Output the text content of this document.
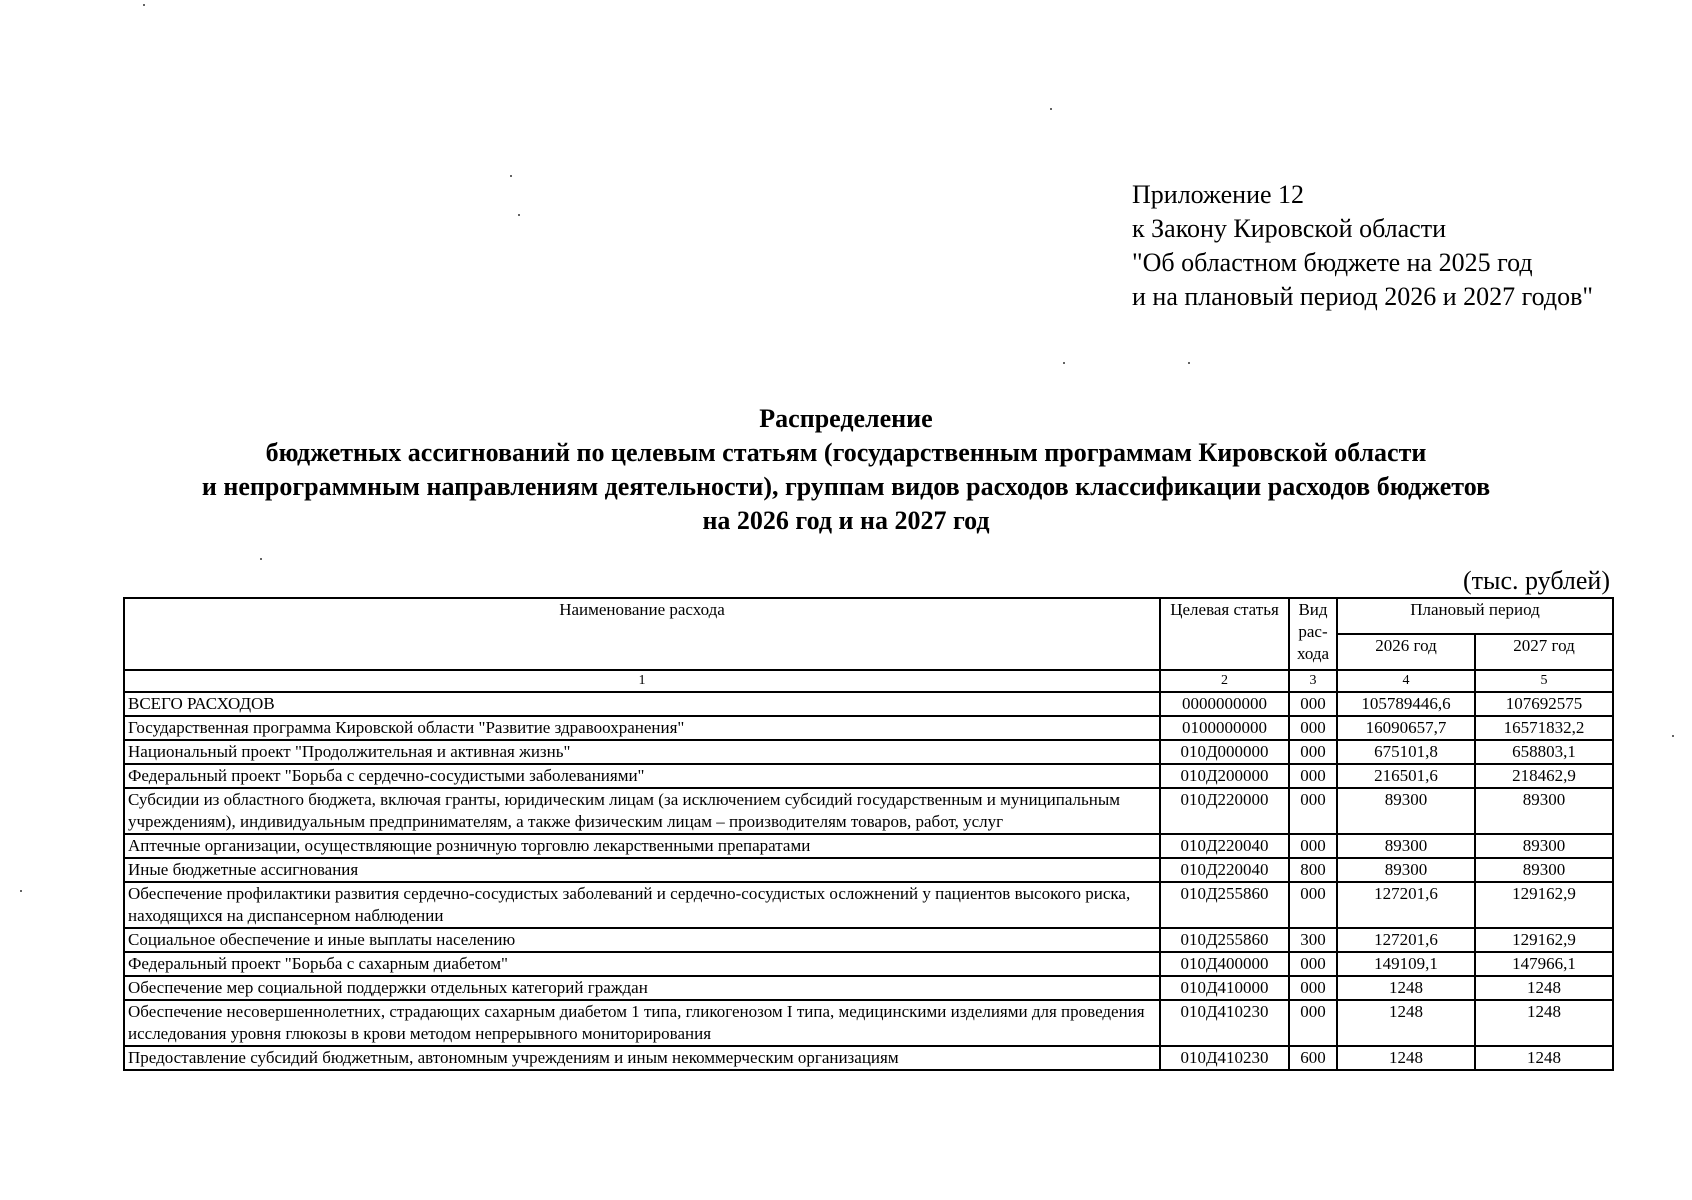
Приложение 12
к Закону Кировской области
"Об областном бюджете на 2025 год
и на плановый период 2026 и 2027 годов"
Распределение
бюджетных ассигнований по целевым статьям (государственным программам Кировской области
и непрограммным направлениям деятельности), группам видов расходов классификации расходов бюджетов
на 2026 год и на 2027 год
(тыс. рублей)
Наименование расхода	Целевая статья	Вид рас-хода	Плановый период	
			2026 год	2027 год
1	2	3	4	5
ВСЕГО РАСХОДОВ	0000000000	000	105789446,6	107692575
Государственная программа Кировской области "Развитие здравоохранения"	0100000000	000	16090657,7	16571832,2
Национальный проект "Продолжительная и активная жизнь"	010Д000000	000	675101,8	658803,1
Федеральный проект "Борьба с сердечно-сосудистыми заболеваниями"	010Д200000	000	216501,6	218462,9
Субсидии из областного бюджета, включая гранты, юридическим лицам (за исключением субсидий государственным и муниципальным учреждениям), индивидуальным предпринимателям, а также физическим лицам – производителям товаров, работ, услуг	010Д220000	000	89300	89300
Аптечные организации, осуществляющие розничную торговлю лекарственными препаратами	010Д220040	000	89300	89300
Иные бюджетные ассигнования	010Д220040	800	89300	89300
Обеспечение профилактики развития сердечно-сосудистых заболеваний и сердечно-сосудистых осложнений у пациентов высокого риска, находящихся на диспансерном наблюдении	010Д255860	000	127201,6	129162,9
Социальное обеспечение и иные выплаты населению	010Д255860	300	127201,6	129162,9
Федеральный проект "Борьба с сахарным диабетом"	010Д400000	000	149109,1	147966,1
Обеспечение мер социальной поддержки отдельных категорий граждан	010Д410000	000	1248	1248
Обеспечение несовершеннолетних, страдающих сахарным диабетом 1 типа, гликогенозом I типа, медицинскими изделиями для проведения исследования уровня глюкозы в крови методом непрерывного мониторирования	010Д410230	000	1248	1248
Предоставление субсидий бюджетным, автономным учреждениям и иным некоммерческим организациям	010Д410230	600	1248	1248
